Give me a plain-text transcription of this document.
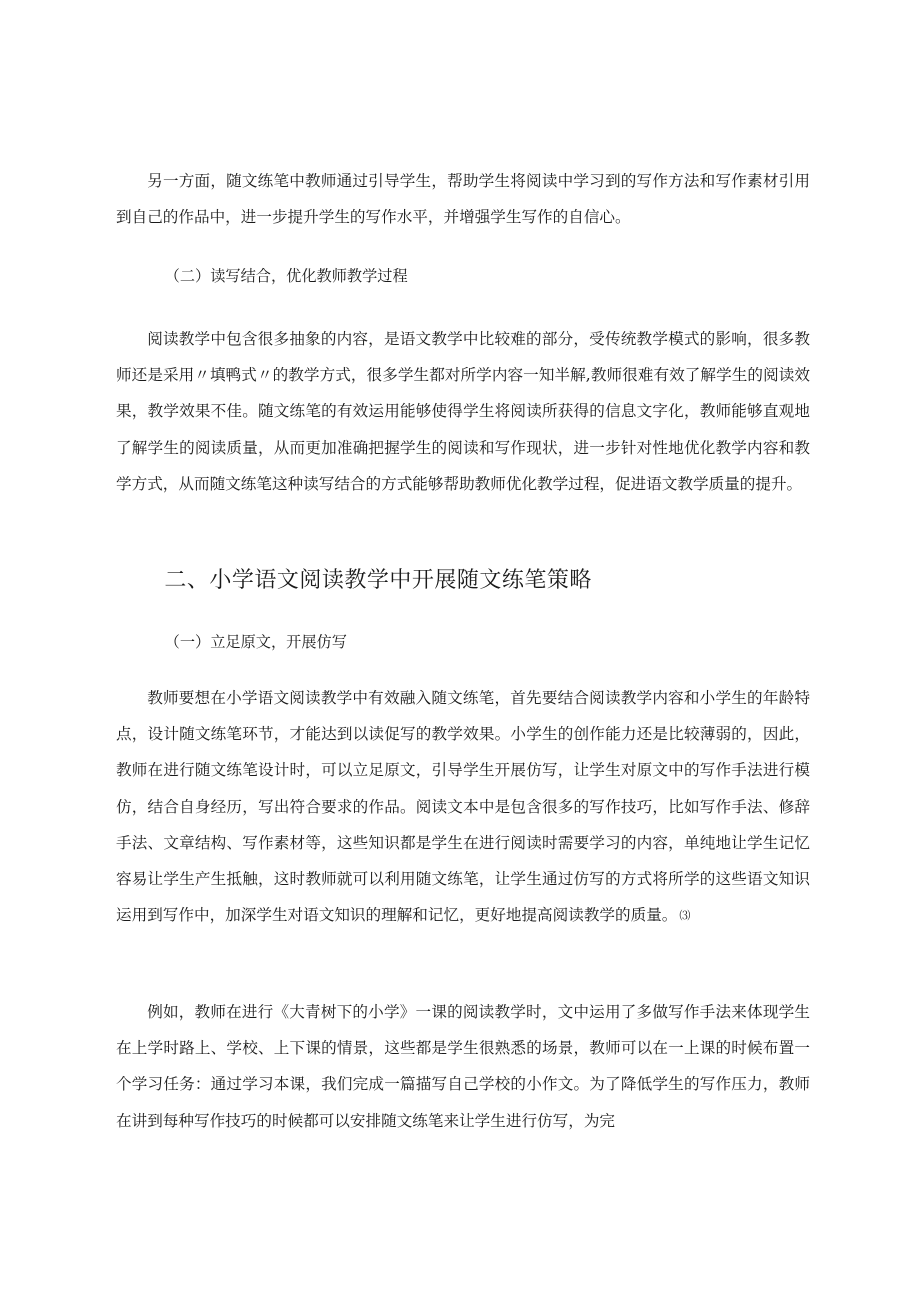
另一方面，随文练笔中教师通过引导学生，帮助学生将阅读中学习到的写作方法和写作素材引用到自己的作品中，进一步提升学生的写作水平，并增强学生写作的自信心。

（二）读写结合，优化教师教学过程

阅读教学中包含很多抽象的内容，是语文教学中比较难的部分，受传统教学模式的影响，很多教师还是采用〃填鸭式〃的教学方式，很多学生都对所学内容一知半解,教师很难有效了解学生的阅读效果，教学效果不佳。随文练笔的有效运用能够使得学生将阅读所获得的信息文字化，教师能够直观地了解学生的阅读质量，从而更加准确把握学生的阅读和写作现状，进一步针对性地优化教学内容和教学方式，从而随文练笔这种读写结合的方式能够帮助教师优化教学过程，促进语文教学质量的提升。

二、小学语文阅读教学中开展随文练笔策略

（一）立足原文，开展仿写

教师要想在小学语文阅读教学中有效融入随文练笔，首先要结合阅读教学内容和小学生的年龄特点，设计随文练笔环节，才能达到以读促写的教学效果。小学生的创作能力还是比较薄弱的，因此，教师在进行随文练笔设计时，可以立足原文，引导学生开展仿写，让学生对原文中的写作手法进行模仿，结合自身经历，写出符合要求的作品。阅读文本中是包含很多的写作技巧，比如写作手法、修辞手法、文章结构、写作素材等，这些知识都是学生在进行阅读时需要学习的内容，单纯地让学生记忆容易让学生产生抵触，这时教师就可以利用随文练笔，让学生通过仿写的方式将所学的这些语文知识运用到写作中，加深学生对语文知识的理解和记忆，更好地提高阅读教学的质量。 ⑶

例如，教师在进行《大青树下的小学》一课的阅读教学时，文中运用了多做写作手法来体现学生在上学时路上、学校、上下课的情景，这些都是学生很熟悉的场景，教师可以在一上课的时候布置一个学习任务：通过学习本课，我们完成一篇描写自己学校的小作文。为了降低学生的写作压力，教师在讲到每种写作技巧的时候都可以安排随文练笔来让学生进行仿写，为完
